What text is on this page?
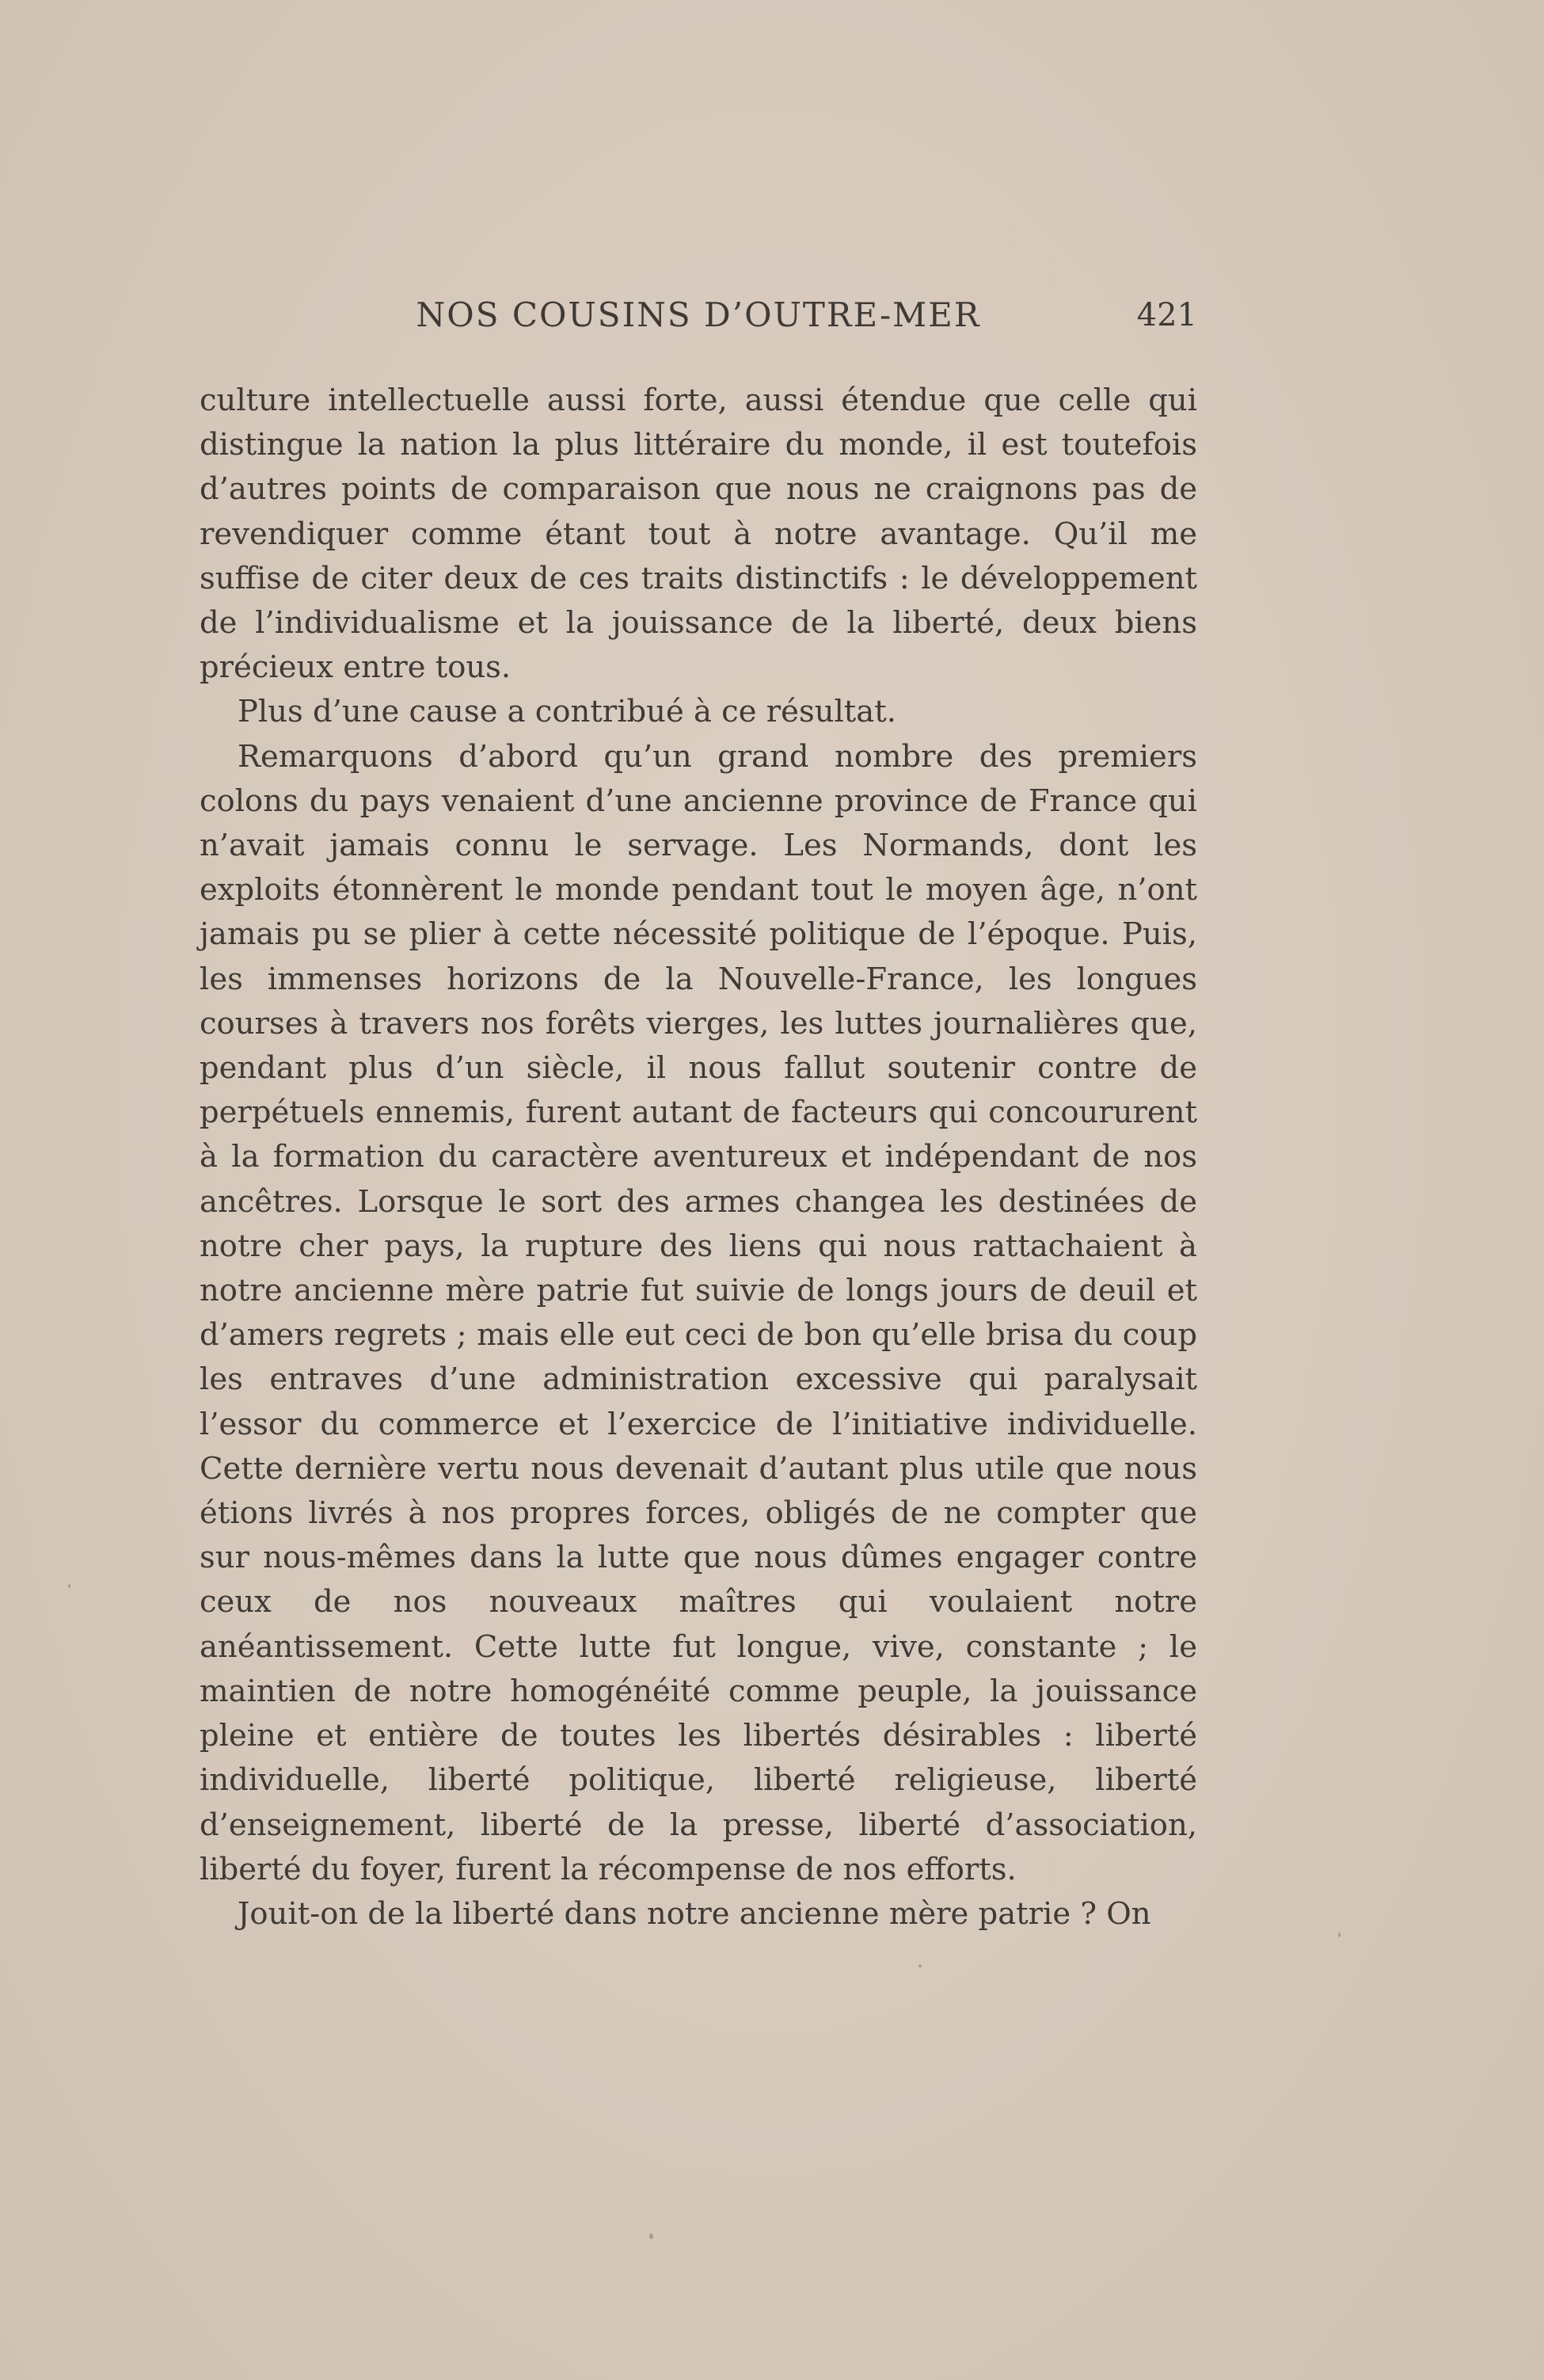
NOS COUSINS D’OUTRE-MER	421

culture intellectuelle aussi forte, aussi étendue que celle qui distingue la nation la plus littéraire du monde, il est toutefois d’autres points de comparaison que nous ne craignons pas de revendiquer comme étant tout à notre avantage. Qu’il me suffise de citer deux de ces traits distinctifs : le développement de l’individualisme et la jouissance de la liberté, deux biens précieux entre tous.

Plus d’une cause a contribué à ce résultat.

Remarquons d’abord qu’un grand nombre des premiers colons du pays venaient d’une ancienne province de France qui n’avait jamais connu le servage. Les Normands, dont les exploits étonnèrent le monde pendant tout le moyen âge, n’ont jamais pu se plier à cette nécessité politique de l’époque. Puis, les immenses horizons de la Nouvelle-France, les longues courses à travers nos forêts vierges, les luttes journalières que, pendant plus d’un siècle, il nous fallut soutenir contre de perpétuels ennemis, furent autant de facteurs qui concoururent à la formation du caractère aventureux et indépendant de nos ancêtres. Lorsque le sort des armes changea les destinées de notre cher pays, la rupture des liens qui nous rattachaient à notre ancienne mère patrie fut suivie de longs jours de deuil et d’amers regrets ; mais elle eut ceci de bon qu’elle brisa du coup les entraves d’une administration excessive qui paralysait l’essor du commerce et l’exercice de l’initiative individuelle. Cette dernière vertu nous devenait d’autant plus utile que nous étions livrés à nos propres forces, obligés de ne compter que sur nous-mêmes dans la lutte que nous dûmes engager contre ceux de nos nouveaux maîtres qui voulaient notre anéantissement. Cette lutte fut longue, vive, constante ; le maintien de notre homogénéité comme peuple, la jouissance pleine et entière de toutes les libertés désirables : liberté individuelle, liberté politique, liberté religieuse, liberté d’enseignement, liberté de la presse, liberté d’association, liberté du foyer, furent la récompense de nos efforts.

Jouit-on de la liberté dans notre ancienne mère patrie ? On
